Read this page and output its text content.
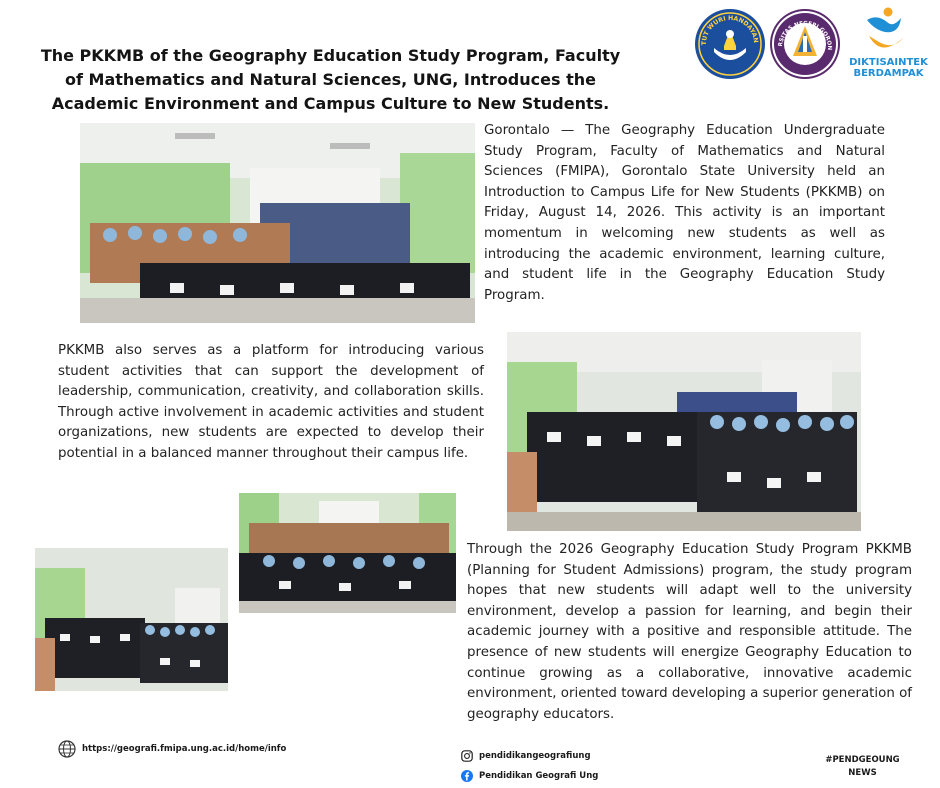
TUT WURI HANDAYAN
RSITAS NEGERI GORON
DIKTISAINTEK
BERDAMPAK
The PKKMB of the Geography Education Study Program, Faculty of Mathematics and Natural Sciences, UNG, Introduces the Academic Environment and Campus Culture to New Students.

Gorontalo — The Geography Education Undergraduate Study Program, Faculty of Mathematics and Natural Sciences (FMIPA), Gorontalo State University held an Introduction to Campus Life for New Students (PKKMB) on Friday, August 14, 2026. This activity is an important momentum in welcoming new students as well as introducing the academic environment, learning culture, and student life in the Geography Education Study Program.

PKKMB also serves as a platform for introducing various student activities that can support the development of leadership, communication, creativity, and collaboration skills. Through active involvement in academic activities and student organizations, new students are expected to develop their potential in a balanced manner throughout their campus life.

Through the 2026 Geography Education Study Program PKKMB (Planning for Student Admissions) program, the study program hopes that new students will adapt well to the university environment, develop a passion for learning, and begin their academic journey with a positive and responsible attitude. The presence of new students will energize Geography Education to continue growing as a collaborative, innovative academic environment, oriented toward developing a superior generation of geography educators.

https://geografi.fmipa.ung.ac.id/home/info
pendidikangeografiung
Pendidikan Geografi Ung
#PENDGEOUNG
NEWS
